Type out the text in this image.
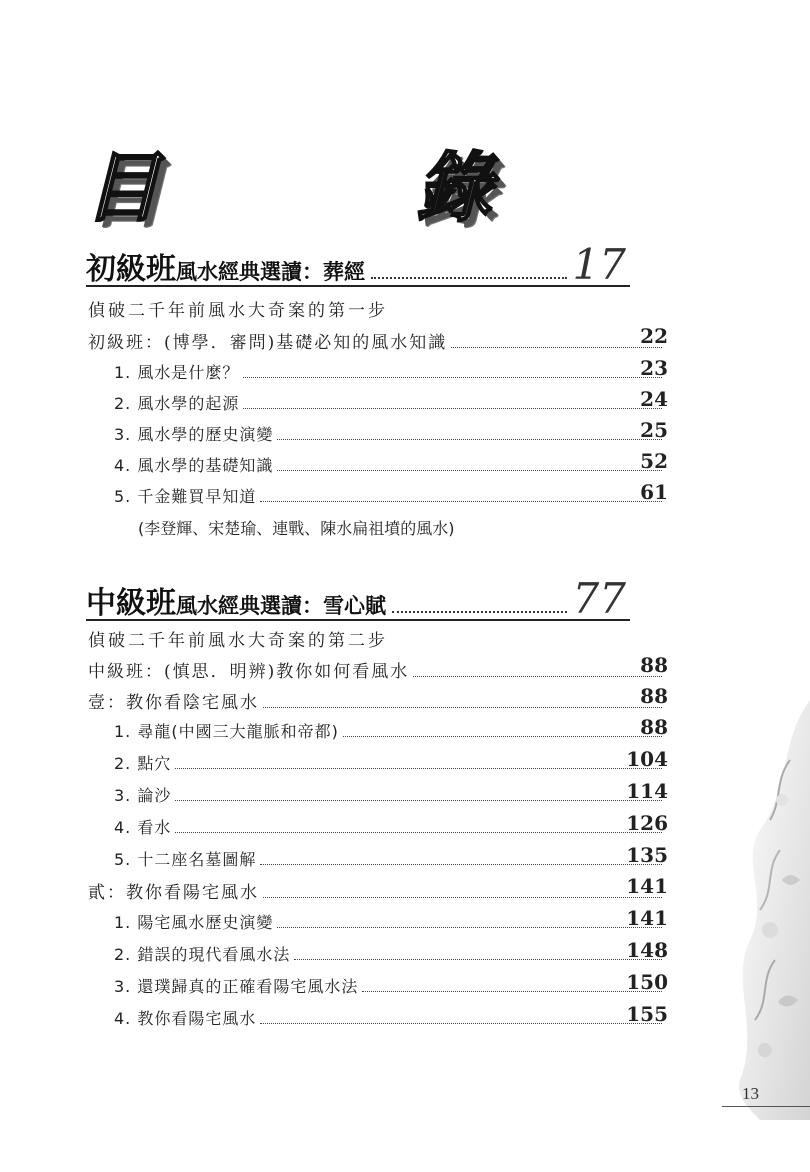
目　錄
初級班 風水經典選讀：葬經	17
偵破二千年前風水大奇案的第一步
初級班：(博學．審問)基礎必知的風水知識	22
1. 風水是什麼？	23
2. 風水學的起源	24
3. 風水學的歷史演變	25
4. 風水學的基礎知識	52
5. 千金難買早知道	61
(李登輝、宋楚瑜、連戰、陳水扁祖墳的風水)
中級班 風水經典選讀：雪心賦	77
偵破二千年前風水大奇案的第二步
中級班：(慎思．明辨)教你如何看風水	88
壹：教你看陰宅風水	88
1. 尋龍(中國三大龍脈和帝都)	88
2. 點穴	104
3. 論沙	114
4. 看水	126
5. 十二座名墓圖解	135
貳：教你看陽宅風水	141
1. 陽宅風水歷史演變	141
2. 錯誤的現代看風水法	148
3. 還璞歸真的正確看陽宅風水法	150
4. 教你看陽宅風水	155
13
